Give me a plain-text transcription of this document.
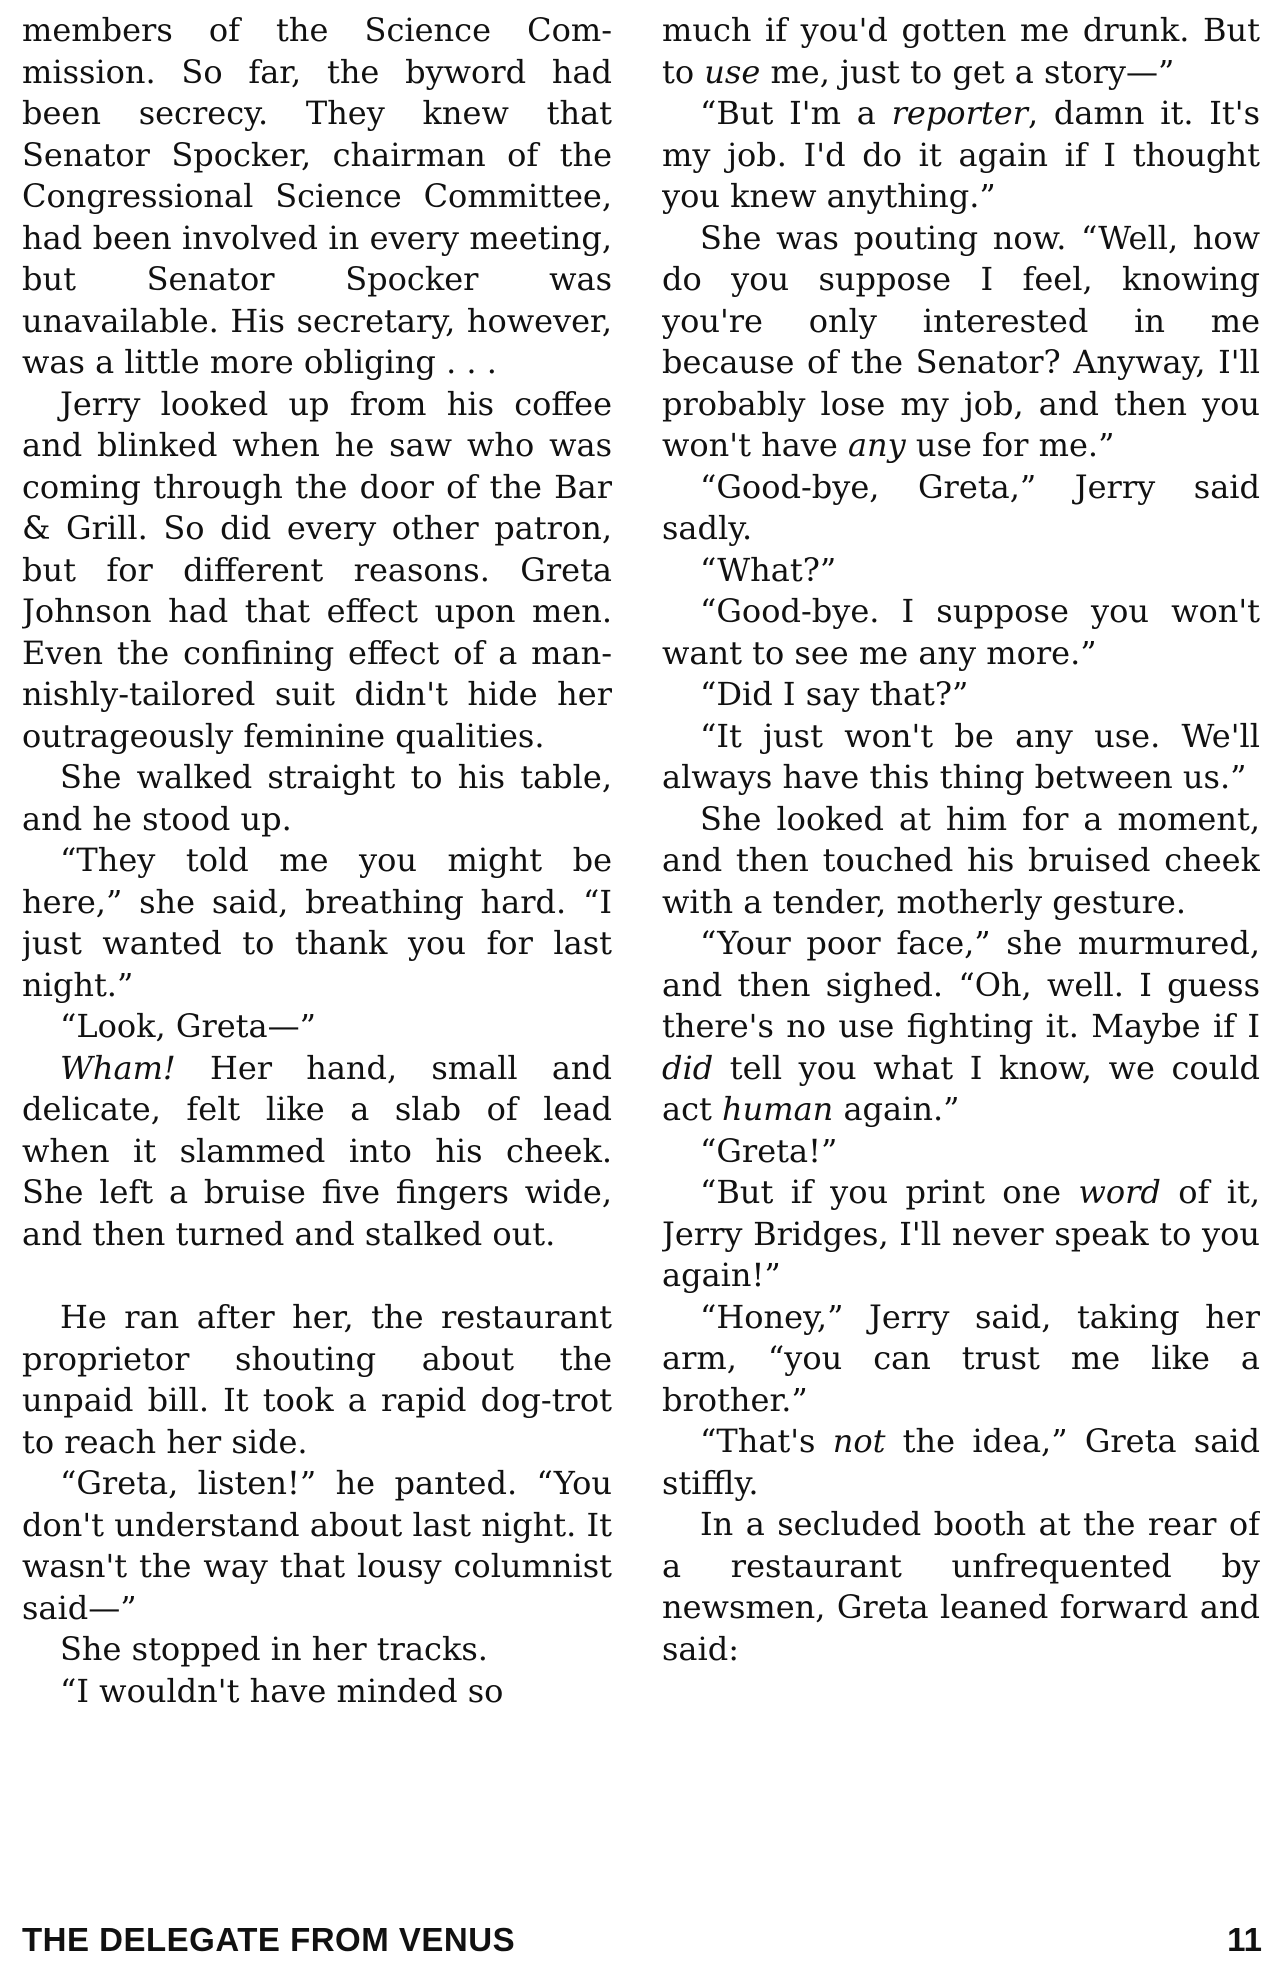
members of the Science Commission. So far, the byword had been secrecy. They knew that Senator Spocker, chairman of the Congressional Science Committee, had been involved in every meeting, but Senator Spocker was unavailable. His secretary, however, was a little more obliging . . .

Jerry looked up from his coffee and blinked when he saw who was coming through the door of the Bar & Grill. So did every other patron, but for different reasons. Greta Johnson had that effect upon men. Even the confining effect of a mannishly-tailored suit didn't hide her outrageously feminine qualities.

She walked straight to his table, and he stood up.

“They told me you might be here,” she said, breathing hard. “I just wanted to thank you for last night.”

“Look, Greta—”

Wham! Her hand, small and delicate, felt like a slab of lead when it slammed into his cheek. She left a bruise five fingers wide, and then turned and stalked out.

He ran after her, the restaurant proprietor shouting about the unpaid bill. It took a rapid dog-trot to reach her side.

“Greta, listen!” he panted. “You don't understand about last night. It wasn't the way that lousy columnist said—”

She stopped in her tracks.

“I wouldn't have minded so

much if you'd gotten me drunk. But to use me, just to get a story—”

“But I'm a reporter, damn it. It's my job. I'd do it again if I thought you knew anything.”

She was pouting now. “Well, how do you suppose I feel, knowing you're only interested in me because of the Senator? Anyway, I'll probably lose my job, and then you won't have any use for me.”

“Good-bye, Greta,” Jerry said sadly.

“What?”

“Good-bye. I suppose you won't want to see me any more.”

“Did I say that?”

“It just won't be any use. We'll always have this thing between us.”

She looked at him for a moment, and then touched his bruised cheek with a tender, motherly gesture.

“Your poor face,” she murmured, and then sighed. “Oh, well. I guess there's no use fighting it. Maybe if I did tell you what I know, we could act human again.”

“Greta!”

“But if you print one word of it, Jerry Bridges, I'll never speak to you again!”

“Honey,” Jerry said, taking her arm, “you can trust me like a brother.”

“That's not the idea,” Greta said stiffly.

In a secluded booth at the rear of a restaurant unfrequented by newsmen, Greta leaned forward and said:

THE DELEGATE FROM VENUS	11
